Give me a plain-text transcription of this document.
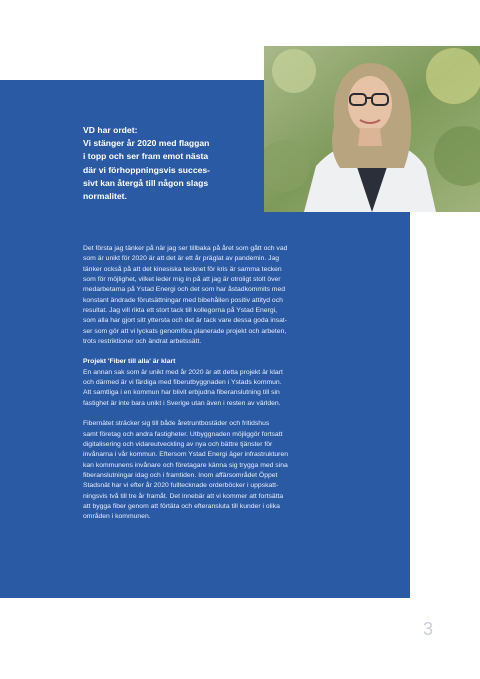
VD har ordet:
Vi stänger år 2020 med flaggan
i topp och ser fram emot nästa
där vi förhoppningsvis succes-
sivt kan återgå till någon slags
normalitet.
Det första jag tänker på när jag ser tillbaka på året som gått och vad
som är unikt för 2020 är att det är ett år präglat av pandemin. Jag
tänker också på att det kinesiska tecknet för kris är samma tecken
som för möjlighet, vilket leder mig in på att jag är otroligt stolt över
medarbetarna på Ystad Energi och det som har åstadkommits med
konstant ändrade förutsättningar med bibehållen positiv attityd och
resultat. Jag vill rikta ett stort tack till kollegorna på Ystad Energi,
som alla har gjort sitt yttersta och det är tack vare dessa goda insat-
ser som gör att vi lyckats genomföra planerade projekt och arbeten,
trots restriktioner och ändrat arbetssätt.
Projekt 'Fiber till alla' är klart
En annan sak som är unikt med år 2020 är att detta projekt är klart
och därmed är vi färdiga med fiberutbyggnaden i Ystads kommun.
Att samtliga i en kommun har blivit erbjudna fiberanslutning till sin
fastighet är inte bara unikt i Sverige utan även i resten av världen.
Fibernätet sträcker sig till både åretruntbostäder och fritidshus
samt företag och andra fastigheter. Utbyggnaden möjliggör fortsatt
digitalisering och vidareutveckling av nya och bättre tjänster för
invånarna i vår kommun. Eftersom Ystad Energi äger infrastrukturen
kan kommunens invånare och företagare känna sig trygga med sina
fiberanslutningar idag och i framtiden. Inom affärsområdet Öppet
Stadsnät har vi efter år 2020 fulltecknade orderböcker i uppskatt-
ningsvis två till tre år framåt. Det innebär att vi kommer att fortsätta
att bygga fiber genom att förtäta och efteransluta till kunder i olika
områden i kommunen.
3
